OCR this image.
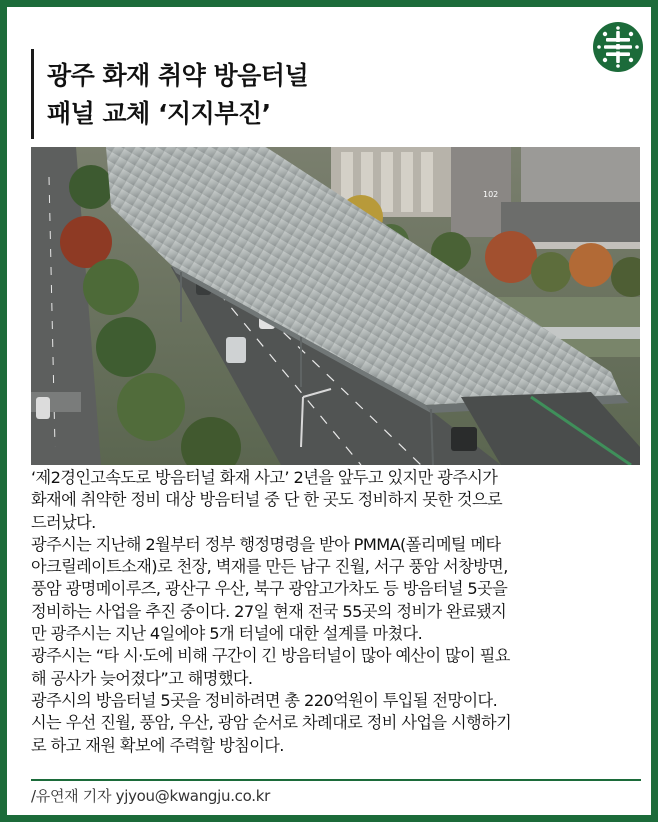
광주 화재 취약 방음터널
패널 교체 ‘지지부진’
102
‘제2경인고속도로 방음터널 화재 사고’ 2년을 앞두고 있지만 광주시가
화재에 취약한 정비 대상 방음터널 중 단 한 곳도 정비하지 못한 것으로
드러났다.
광주시는 지난해 2월부터 정부 행정명령을 받아 PMMA(폴리메틸 메타
아크릴레이트소재)로 천장, 벽재를 만든 남구 진월, 서구 풍암 서창방면,
풍암 광명메이루즈, 광산구 우산, 북구 광암고가차도 등 방음터널 5곳을
정비하는 사업을 추진 중이다. 27일 현재 전국 55곳의 정비가 완료됐지
만 광주시는 지난 4일에야 5개 터널에 대한 설계를 마쳤다.
광주시는 “타 시·도에 비해 구간이 긴 방음터널이 많아 예산이 많이 필요
해 공사가 늦어졌다”고 해명했다.
광주시의 방음터널 5곳을 정비하려면 총 220억원이 투입될 전망이다.
시는 우선 진월, 풍암, 우산, 광암 순서로 차례대로 정비 사업을 시행하기
로 하고 재원 확보에 주력할 방침이다.
/유연재 기자 yjyou@kwangju.co.kr
